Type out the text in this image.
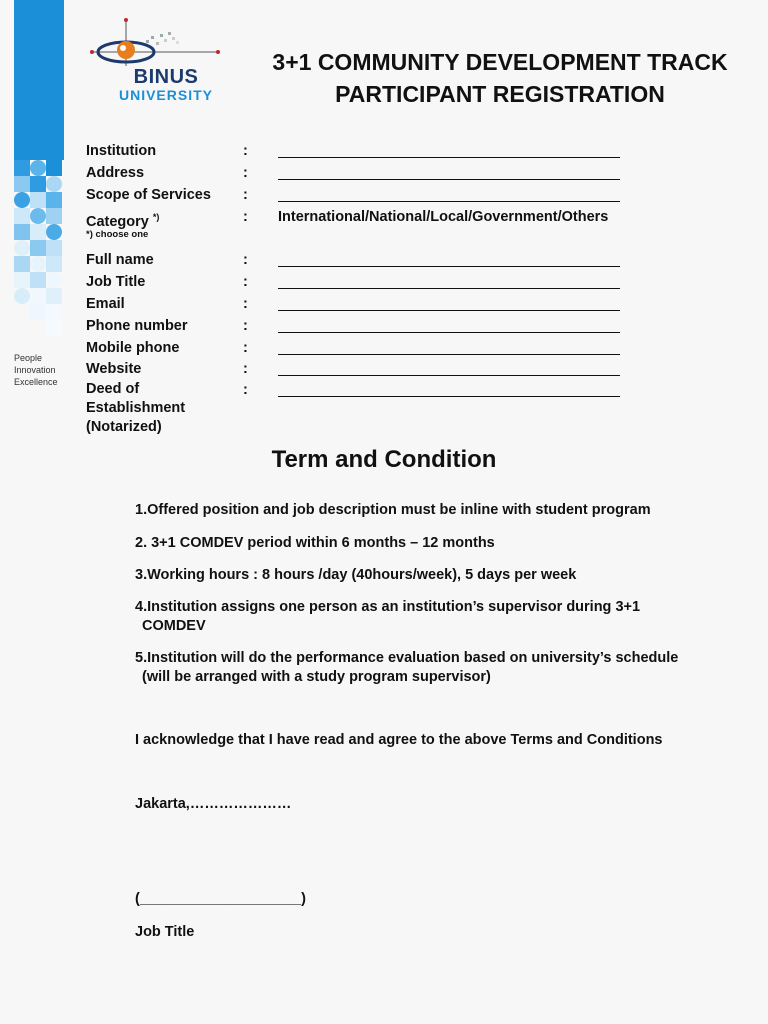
People
Innovation
Excellence
BINUS
UNIVERSITY
3+1 COMMUNITY DEVELOPMENT TRACK
PARTICIPANT REGISTRATION
Institution	:
Address	:
Scope of Services :
Category *)	: International/National/Local/Government/Others
*) choose one
Full name	:
Job Title	:
Email	:
Phone number	:
Mobile phone	:
Website	:
Deed of
Establishment
(Notarized)
:
Term and Condition
1.Offered position and job description must be inline with student program
2. 3+1 COMDEV period within 6 months – 12 months
3.Working hours : 8 hours /day (40hours/week), 5 days per week
4.Institution assigns one person as an institution’s supervisor during 3+1
COMDEV
5.Institution will do the performance evaluation based on university’s schedule
(will be arranged with a study program supervisor)
I acknowledge that I have read and agree to the above Terms and Conditions
Jakarta,…………………
(____________________)
Job Title
